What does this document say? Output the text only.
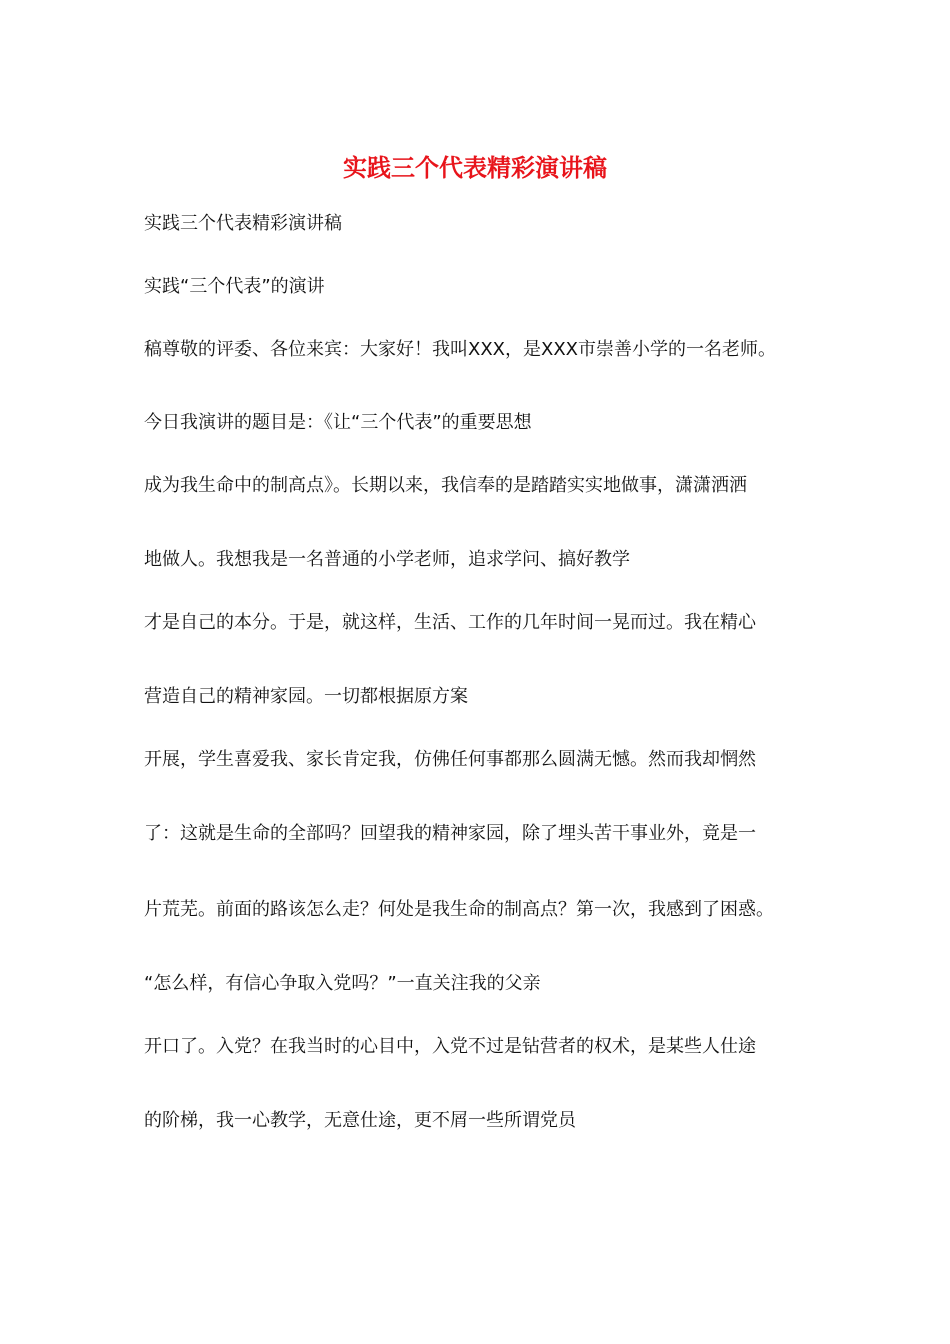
实践三个代表精彩演讲稿
实践三个代表精彩演讲稿
实践“三个代表”的演讲
稿尊敬的评委、各位来宾：大家好！我叫XXX，是XXX市崇善小学的一名老师。
今日我演讲的题目是：《让“三个代表”的重要思想
成为我生命中的制高点》。长期以来，我信奉的是踏踏实实地做事，潇潇洒洒
地做人。我想我是一名普通的小学老师，追求学问、搞好教学
才是自己的本分。于是，就这样，生活、工作的几年时间一晃而过。我在精心
营造自己的精神家园。一切都根据原方案
开展，学生喜爱我、家长肯定我，仿佛任何事都那么圆满无憾。然而我却惘然
了：这就是生命的全部吗？回望我的精神家园，除了埋头苦干事业外，竟是一
片荒芜。前面的路该怎么走？何处是我生命的制高点？第一次，我感到了困惑。
“怎么样，有信心争取入党吗？”一直关注我的父亲
开口了。入党？在我当时的心目中，入党不过是钻营者的权术，是某些人仕途
的阶梯，我一心教学，无意仕途，更不屑一些所谓党员
